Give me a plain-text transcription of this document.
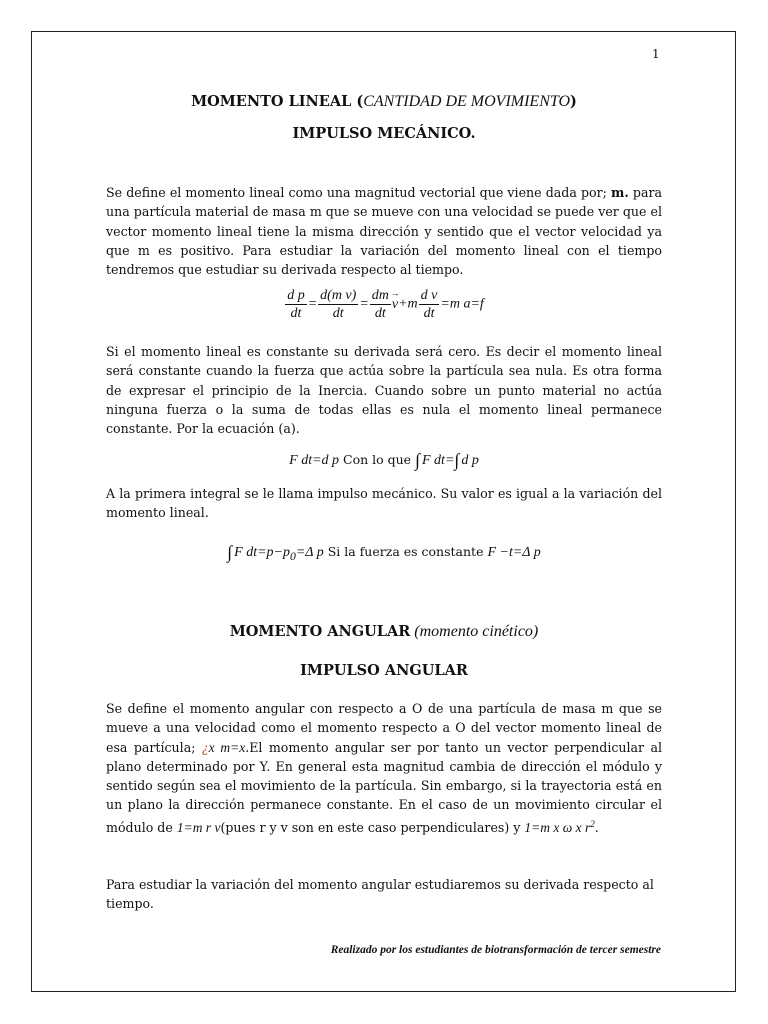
1
MOMENTO LINEAL (CANTIDAD DE MOVIMIENTO)
IMPULSO MECÁNICO.
Se define el momento lineal como una magnitud vectorial que viene dada por; m. para una partícula material de masa m que se mueve con una velocidad se puede ver que el vector momento lineal tiene la misma dirección y sentido que el vector velocidad ya que m es positivo. Para estudiar la variación del momento lineal con el tiempo tendremos que estudiar su derivada respecto al tiempo.
$\frac{\text{d p}}{dt} = \frac{\text{d(m v)}}{dt} = \frac{dm}{dt}$
→ $v+m \frac{\text{d v}}{dt} =m$ a=f
Si el momento lineal es constante su derivada será cero. Es decir el momento lineal será constante cuando la fuerza que actúa sobre la partícula sea nula. Es otra forma de expresar el principio de la Inercia. Cuando sobre un punto material no actúa ninguna fuerza o la suma de todas ellas es nula el momento lineal permanece constante. Por la ecuación (a).
F dt=d p Con lo que ∫ F dt=∫ d p
A la primera integral se le llama impulso mecánico. Su valor es igual a la variación del momento lineal.
∫ F $dt=p-p_0=\Delta$ p Si la fuerza es constante F −t=Δ p
MOMENTO ANGULAR (momento cinético)
IMPULSO ANGULAR
Se define el momento angular con respecto a O de una partícula de masa m que se mueve a una velocidad como el momento respecto a O del vector momento lineal de esa partícula; ¿x m=x.El momento angular ser por tanto un vector perpendicular al plano determinado por Y. En general esta magnitud cambia de dirección el módulo y sentido según sea el movimiento de la partícula. Sin embargo, si la trayectoria está en un plano la dirección permanece constante. En el caso de un movimiento circular el módulo de 1=m r v(pues r y v son en este caso perpendiculares) y 1=m x ω x $r^2$.
Para estudiar la variación del momento angular estudiaremos su derivada respecto al tiempo.
Realizado por los estudiantes de biotransformación de tercer semestre
